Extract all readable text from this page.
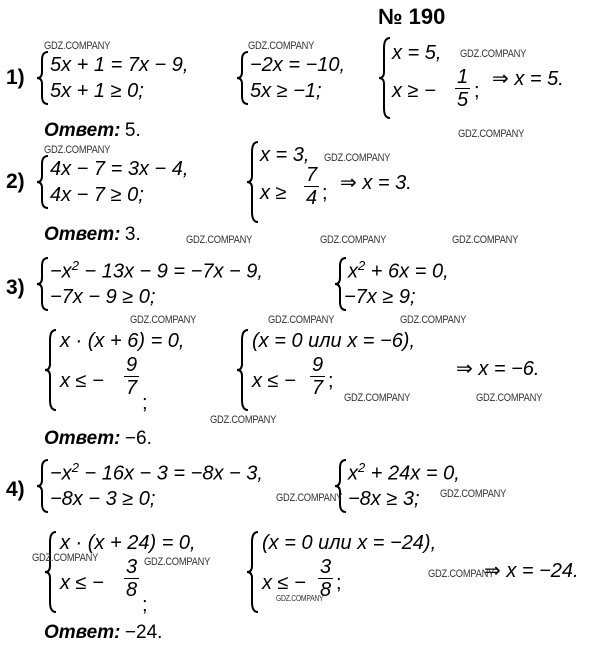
№ 190
1)
5x + 1 = 7x − 9,
5x + 1 ≥ 0;
−2x = −10,
5x ≥ −1;
x = 5,
x ≥ − $\frac{1}{5}$ ;
⇒ x = 5.
Ответ: 5.
2)
4x − 7 = 3x − 4,
4x − 7 ≥ 0;
x = 3,
$x \ge \frac{7}{4}$ ; ⇒ x = 3.
Ответ: 3.
3)
$-x^2 - 13x - 9 = -7x - 9$,
−7x − 9 ≥ 0;
$x^2 + 6x = 0$,
−7x ≥ 9;
x · (x + 6) = 0,
x ≤ − $\frac{9}{7}$
;
(x = 0 или x = −6),
x ≤ − $\frac{9}{7}$ ;
⇒ x = −6.
Ответ: −6.
4)
$-x^2 - 16x - 3 = -8x - 3$,
−8x − 3 ≥ 0;
$x^2 + 24x = 0$,
−8x ≥ 3;
x · (x + 24) = 0,
x ≤ − $\frac{3}{8}$
;
(x = 0 или x = −24),
x ≤ − $\frac{3}{8}$ ;
⇒ x = −24.
Ответ: −24.
GDZ.COMPANY	GDZ.COMPANY
GDZ.COMPANY
GDZ.COMPANY
GDZ.COMPANY
GDZ.COMPANY
GDZ.COMPANY	GDZ.COMPANY	GDZ.COMPANY
GDZ.COMPANY	GDZ.COMPANY	GDZ.COMPANY
GDZ.COMPANY	GDZ.COMPANY
GDZ.COMPANY
GDZ.COMPANY	GDZ.COMPANY
GDZ.COMPANY	GDZ.COMPANY
GDZ.COMPANY
GDZ.COMPANY
